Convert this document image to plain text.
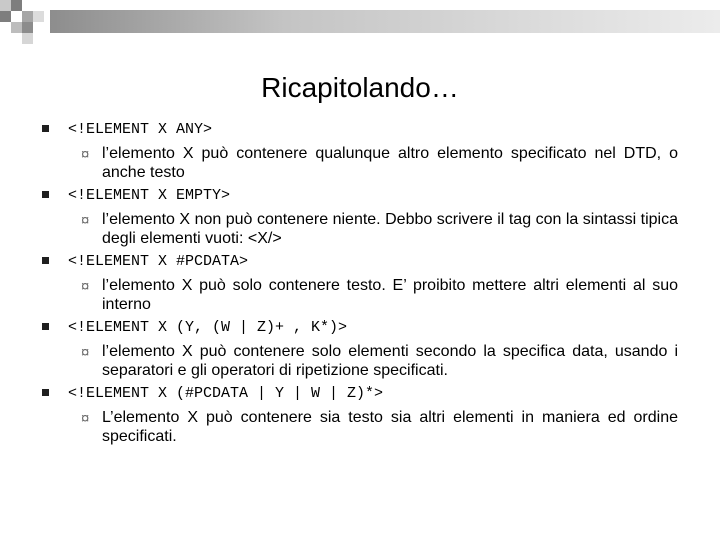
Ricapitolando…
<!ELEMENT X ANY>
¤ l’elemento X può contenere qualunque altro elemento specificato nel DTD, o anche testo
<!ELEMENT X EMPTY>
¤ l’elemento X non può contenere niente. Debbo scrivere il tag con la sintassi tipica degli elementi vuoti: <X/>
<!ELEMENT X #PCDATA>
¤ l’elemento X può solo contenere testo. E’ proibito mettere altri elementi al suo interno
<!ELEMENT X (Y, (W | Z)+ , K*)>
¤ l’elemento X può contenere solo elementi secondo la specifica data, usando i separatori e gli operatori di ripetizione specificati.
<!ELEMENT X (#PCDATA | Y | W | Z)*>
¤ L’elemento X può contenere sia testo sia altri elementi in maniera ed ordine specificati.
